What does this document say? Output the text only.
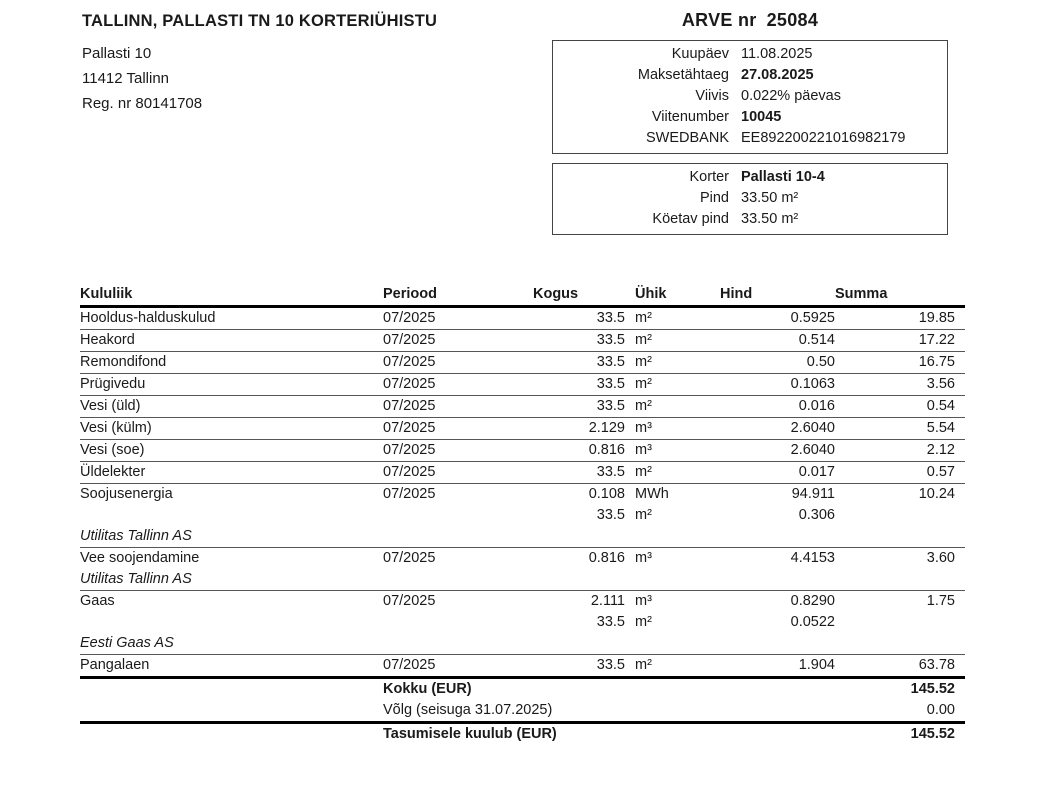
TALLINN, PALLASTI TN 10 KORTERIÜHISTU
Pallasti 10
11412 Tallinn
Reg. nr 80141708
ARVE nr 25084
Kuupäev 11.08.2025
Maksetähtaeg 27.08.2025
Viivis 0.022% päevas
Viitenumber 10045
SWEDBANK EE892200221016982179
Korter Pallasti 10-4
Pind 33.50 m²
Köetav pind 33.50 m²
Kululiik	Periood	Kogus	Ühik	Hind	Summa
Hooldus-halduskulud	07/2025	33.5	m²	0.5925	19.85
Heakord	07/2025	33.5	m²	0.514	17.22
Remondifond	07/2025	33.5	m²	0.50	16.75
Prügivedu	07/2025	33.5	m²	0.1063	3.56
Vesi (üld)	07/2025	33.5	m²	0.016	0.54
Vesi (külm)	07/2025	2.129	m³	2.6040	5.54
Vesi (soe)	07/2025	0.816	m³	2.6040	2.12
Üldelekter	07/2025	33.5	m²	0.017	0.57
Soojusenergia	07/2025	0.108	MWh	94.911	10.24
		33.5	m²	0.306	
Utilitas Tallinn AS					
Vee soojendamine	07/2025	0.816	m³	4.4153	3.60
Utilitas Tallinn AS					
Gaas	07/2025	2.111	m³	0.8290	1.75
		33.5	m²	0.0522	
Eesti Gaas AS					
Pangalaen	07/2025	33.5	m²	1.904	63.78
	Kokku (EUR)			145.52	
	Võlg (seisuga 31.07.2025)			0.00	
	Tasumisele kuulub (EUR)			145.52	
